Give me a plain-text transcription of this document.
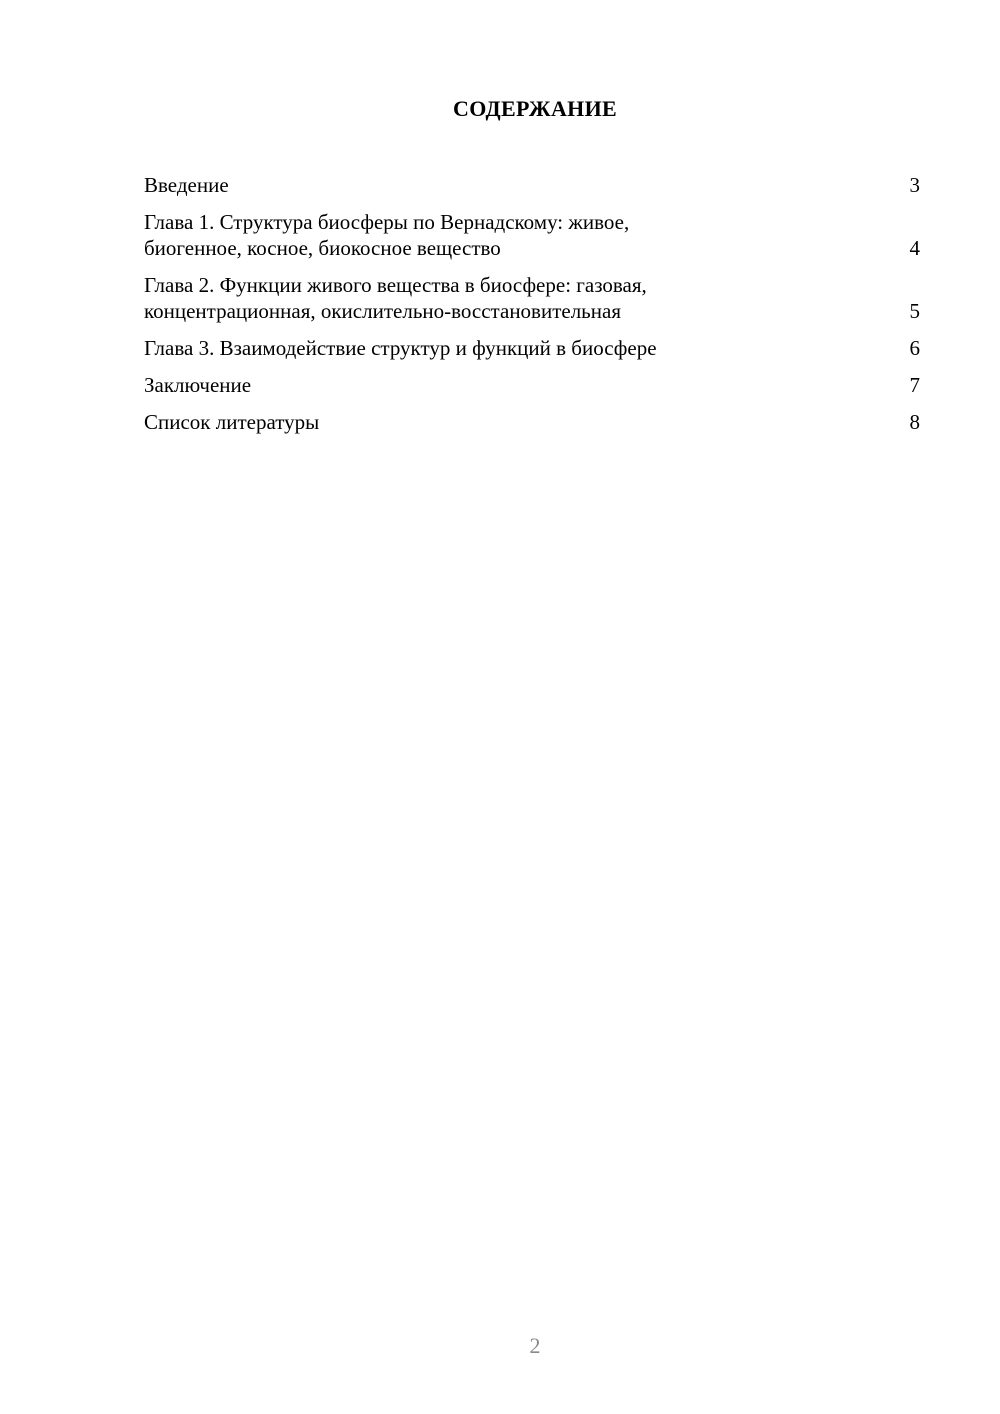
СОДЕРЖАНИЕ
Введение	3
Глава 1. Структура биосферы по Вернадскому: живое,
биогенное, косное, биокосное вещество	4
Глава 2. Функции живого вещества в биосфере: газовая,
концентрационная, окислительно-восстановительная	5
Глава 3. Взаимодействие структур и функций в биосфере	6
Заключение	7
Список литературы	8
2
